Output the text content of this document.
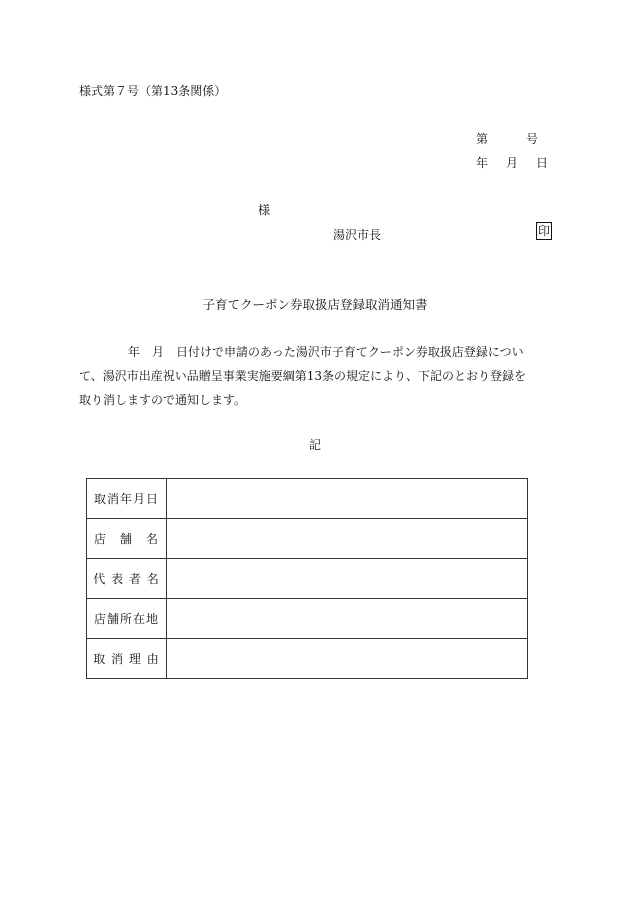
様式第７号（第13条関係）
第	号
年 月 日
様
湯沢市長	印
子育てクーポン券取扱店登録取消通知書
年　月　日付けで申請のあった湯沢市子育てクーポン券取扱店登録につい
て、湯沢市出産祝い品贈呈事業実施要綱第13条の規定により、下記のとおり登録を
取り消しますので通知します。
記
取消年月日	
店　舗　名	
代 表 者 名	
店舗所在地	
取 消 理 由	
